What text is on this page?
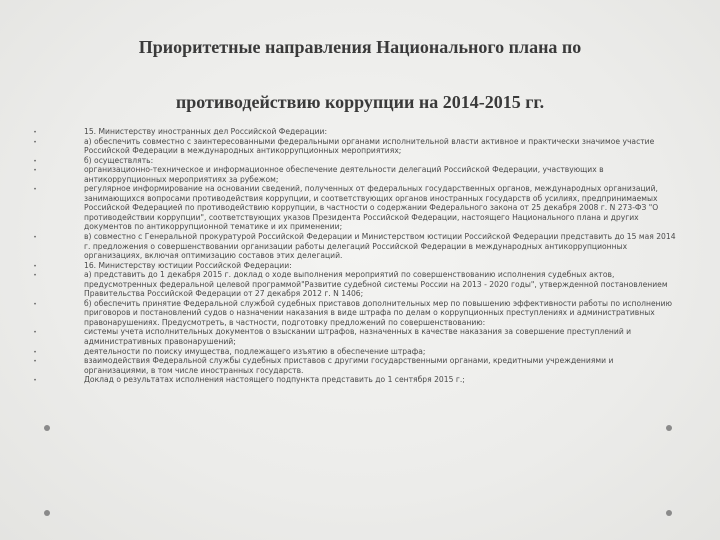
Приоритетные направления Национального плана по
противодействию коррупции на 2014-2015 гг.
•	15. Министерству иностранных дел Российской Федерации:
•	а) обеспечить совместно с заинтересованными федеральными органами исполнительной власти активное и практически значимое участие Российской Федерации в международных антикоррупционных мероприятиях;
•	б) осуществлять:
•	организационно-техническое и информационное обеспечение деятельности делегаций Российской Федерации, участвующих в антикоррупционных мероприятиях за рубежом;
•	регулярное информирование на основании сведений, полученных от федеральных государственных органов, международных организаций, занимающихся вопросами противодействия коррупции, и соответствующих органов иностранных государств об усилиях, предпринимаемых Российской Федерацией по противодействию коррупции, в частности о содержании Федерального закона от 25 декабря 2008 г. N 273-ФЗ "О противодействии коррупции", соответствующих указов Президента Российской Федерации, настоящего Национального плана и других документов по антикоррупционной тематике и их применении;
•	в) совместно с Генеральной прокуратурой Российской Федерации и Министерством юстиции Российской Федерации представить до 15 мая 2014 г. предложения о совершенствовании организации работы делегаций Российской Федерации в международных антикоррупционных организациях, включая оптимизацию составов этих делегаций.
•	16. Министерству юстиции Российской Федерации:
•	а) представить до 1 декабря 2015 г. доклад о ходе выполнения мероприятий по совершенствованию исполнения судебных актов, предусмотренных федеральной целевой программой"Развитие судебной системы России на 2013 - 2020 годы", утвержденной постановлением Правительства Российской Федерации от 27 декабря 2012 г. N 1406;
•	б) обеспечить принятие Федеральной службой судебных приставов дополнительных мер по повышению эффективности работы по исполнению приговоров и постановлений судов о назначении наказания в виде штрафа по делам о коррупционных преступлениях и административных правонарушениях. Предусмотреть, в частности, подготовку предложений по совершенствованию:
•	системы учета исполнительных документов о взыскании штрафов, назначенных в качестве наказания за совершение преступлений и административных правонарушений;
•	деятельности по поиску имущества, подлежащего изъятию в обеспечение штрафа;
•	взаимодействия Федеральной службы судебных приставов с другими государственными органами, кредитными учреждениями и организациями, в том числе иностранных государств.
•	Доклад о результатах исполнения настоящего подпункта представить до 1 сентября 2015 г.;
